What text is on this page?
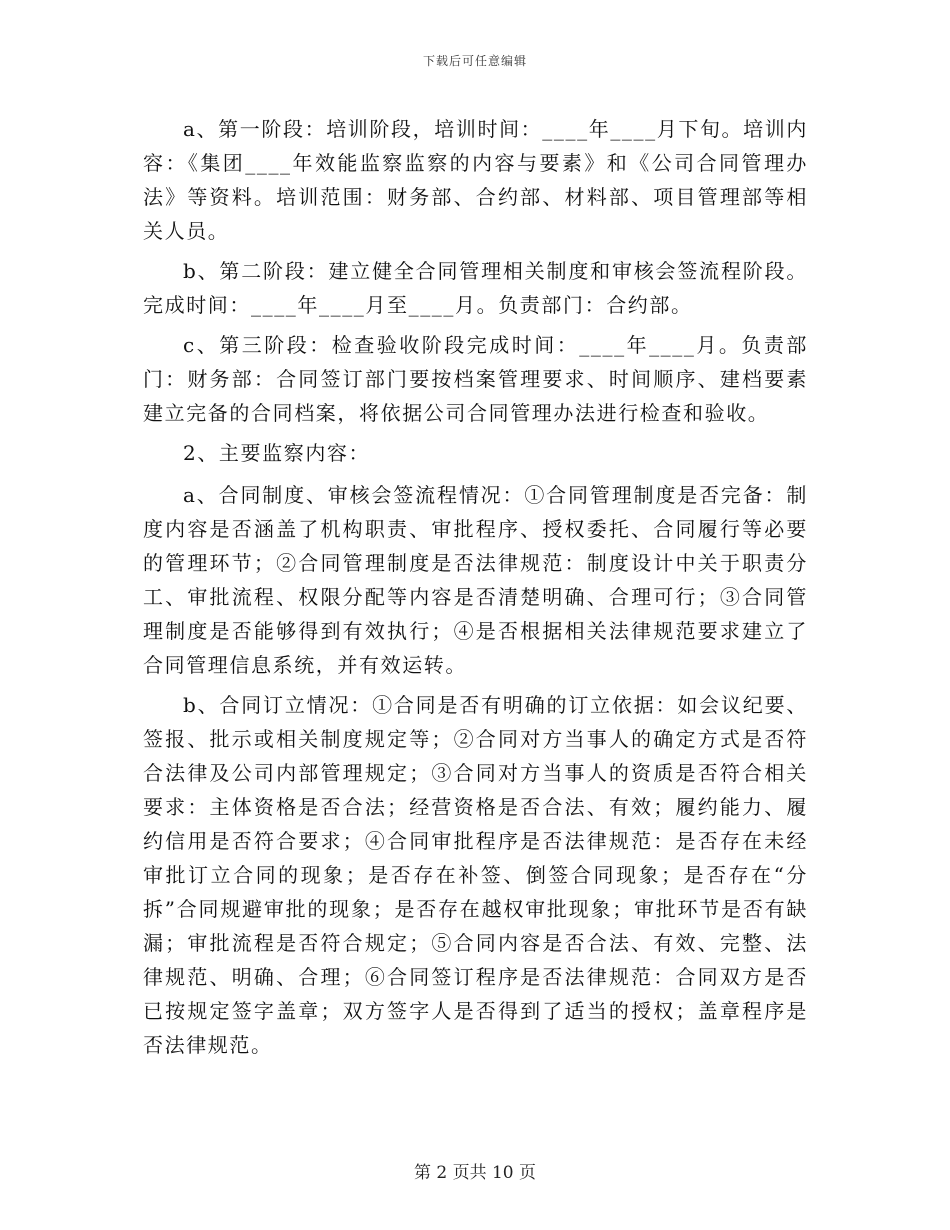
下载后可任意编辑

a、第一阶段：培训阶段，培训时间：____年____月下旬。培训内容：《集团____年效能监察监察的内容与要素》和《公司合同管理办法》等资料。培训范围：财务部、合约部、材料部、项目管理部等相关人员。

b、第二阶段：建立健全合同管理相关制度和审核会签流程阶段。完成时间：____年____月至____月。负责部门：合约部。

c、第三阶段：检查验收阶段完成时间：____年____月。负责部门：财务部：合同签订部门要按档案管理要求、时间顺序、建档要素建立完备的合同档案，将依据公司合同管理办法进行检查和验收。

2、主要监察内容：

a、合同制度、审核会签流程情况：①合同管理制度是否完备：制度内容是否涵盖了机构职责、审批程序、授权委托、合同履行等必要的管理环节；②合同管理制度是否法律规范：制度设计中关于职责分工、审批流程、权限分配等内容是否清楚明确、合理可行；③合同管理制度是否能够得到有效执行；④是否根据相关法律规范要求建立了合同管理信息系统，并有效运转。

b、合同订立情况：①合同是否有明确的订立依据：如会议纪要、签报、批示或相关制度规定等；②合同对方当事人的确定方式是否符合法律及公司内部管理规定；③合同对方当事人的资质是否符合相关要求：主体资格是否合法；经营资格是否合法、有效；履约能力、履约信用是否符合要求；④合同审批程序是否法律规范：是否存在未经审批订立合同的现象；是否存在补签、倒签合同现象；是否存在“分拆”合同规避审批的现象；是否存在越权审批现象；审批环节是否有缺漏；审批流程是否符合规定；⑤合同内容是否合法、有效、完整、法律规范、明确、合理；⑥合同签订程序是否法律规范：合同双方是否已按规定签字盖章；双方签字人是否得到了适当的授权；盖章程序是否法律规范。

第 2 页共 10 页
